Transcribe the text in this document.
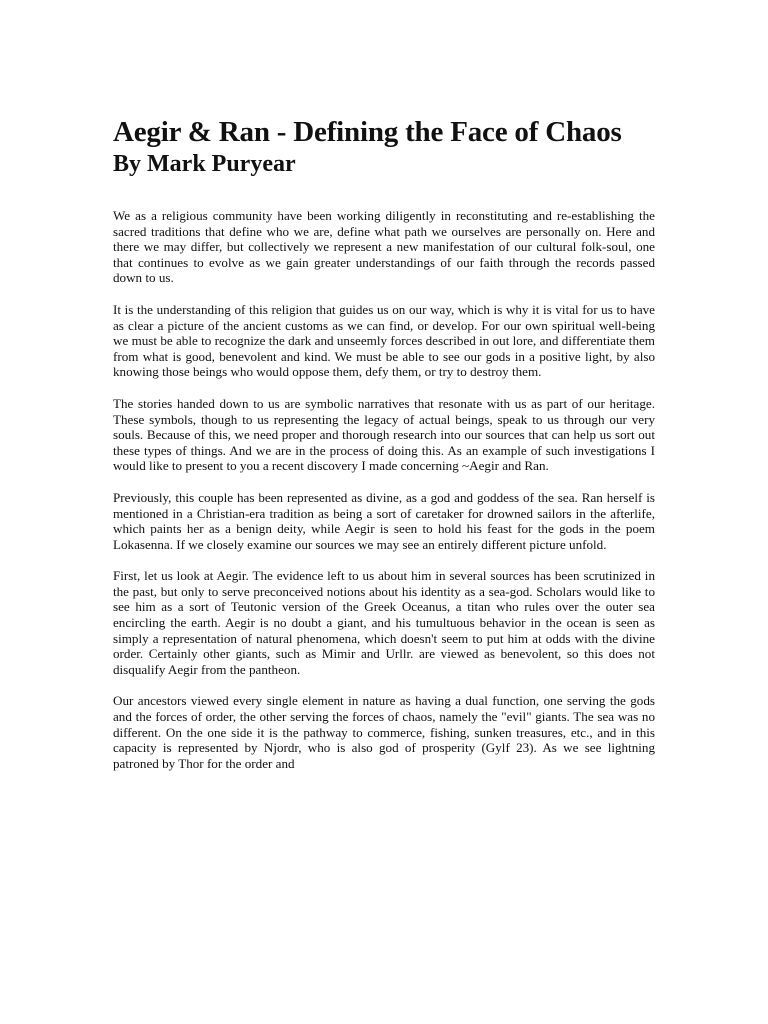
Aegir & Ran - Defining the Face of Chaos
By Mark Puryear

We as a religious community have been working diligently in reconstituting and re-establishing the sacred traditions that define who we are, define what path we ourselves are personally on. Here and there we may differ, but collectively we represent a new manifestation of our cultural folk-soul, one that continues to evolve as we gain greater understandings of our faith through the records passed down to us.

It is the understanding of this religion that guides us on our way, which is why it is vital for us to have as clear a picture of the ancient customs as we can find, or develop. For our own spiritual well-being we must be able to recognize the dark and unseemly forces described in out lore, and differentiate them from what is good, benevolent and kind. We must be able to see our gods in a positive light, by also knowing those beings who would oppose them, defy them, or try to destroy them.

The stories handed down to us are symbolic narratives that resonate with us as part of our heritage. These symbols, though to us representing the legacy of actual beings, speak to us through our very souls. Because of this, we need proper and thorough research into our sources that can help us sort out these types of things. And we are in the process of doing this. As an example of such investigations I would like to present to you a recent discovery I made concerning ~Aegir and Ran.

Previously, this couple has been represented as divine, as a god and goddess of the sea. Ran herself is mentioned in a Christian-era tradition as being a sort of caretaker for drowned sailors in the afterlife, which paints her as a benign deity, while Aegir is seen to hold his feast for the gods in the poem Lokasenna. If we closely examine our sources we may see an entirely different picture unfold.

First, let us look at Aegir. The evidence left to us about him in several sources has been scrutinized in the past, but only to serve preconceived notions about his identity as a sea-god. Scholars would like to see him as a sort of Teutonic version of the Greek Oceanus, a titan who rules over the outer sea encircling the earth. Aegir is no doubt a giant, and his tumultuous behavior in the ocean is seen as simply a representation of natural phenomena, which doesn't seem to put him at odds with the divine order. Certainly other giants, such as Mimir and Urllr. are viewed as benevolent, so this does not disqualify Aegir from the pantheon.

Our ancestors viewed every single element in nature as having a dual function, one serving the gods and the forces of order, the other serving the forces of chaos, namely the "evil" giants. The sea was no different. On the one side it is the pathway to commerce, fishing, sunken treasures, etc., and in this capacity is represented by Njordr, who is also god of prosperity (Gylf 23). As we see lightning patroned by Thor for the order and
